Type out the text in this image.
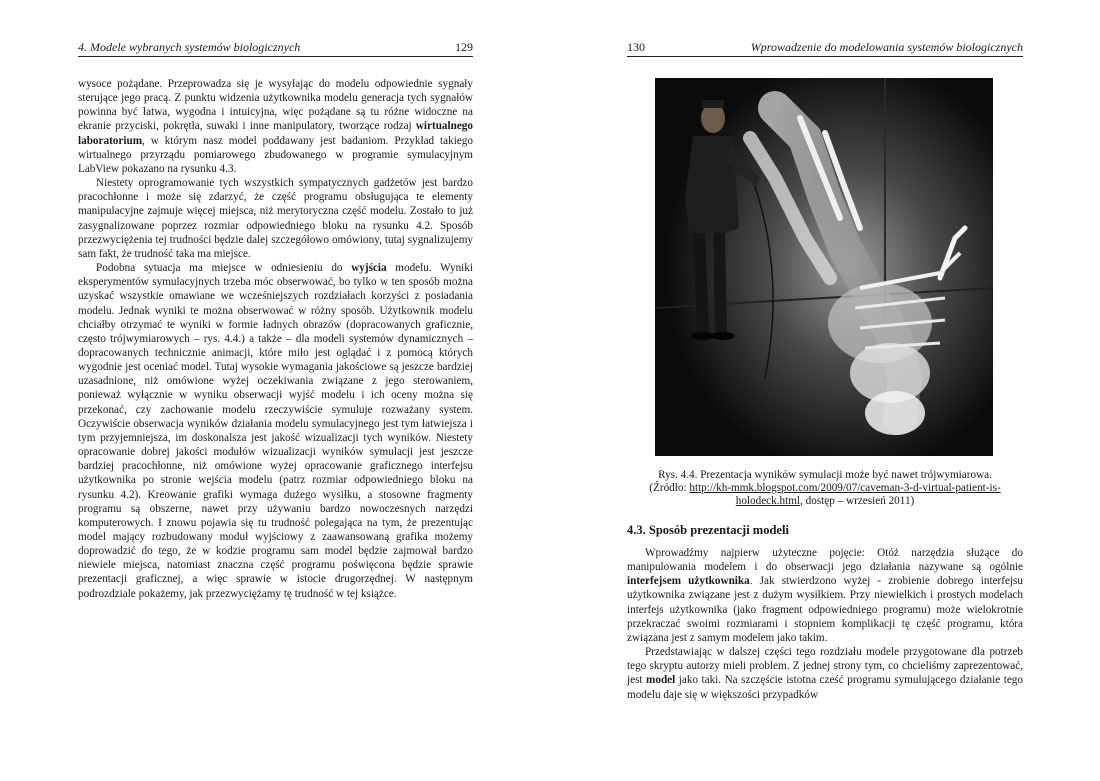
4. Modele wybranych systemów biologicznych	129

wysoce pożądane. Przeprowadza się je wysyłając do modelu odpowiednie sygnały sterujące jego pracą. Z punktu widzenia użytkownika modelu generacja tych sygnałów powinna być łatwa, wygodna i intuicyjna, więc pożądane są tu różne widoczne na ekranie przyciski, pokrętła, suwaki i inne manipulatory, tworzące rodzaj wirtualnego laboratorium, w którym nasz model poddawany jest badaniom. Przykład takiego wirtualnego przyrządu pomiarowego zbudowanego w programie symulacyjnym LabView pokazano na rysunku 4.3.

Niestety oprogramowanie tych wszystkich sympatycznych gadżetów jest bardzo pracochłonne i może się zdarzyć, że część programu obsługująca te elementy manipulacyjne zajmuje więcej miejsca, niż merytoryczna część modelu. Zostało to już zasygnalizowane poprzez rozmiar odpowiedniego bloku na rysunku 4.2. Sposób przezwyciężenia tej trudności będzie dalej szczegółowo omówiony, tutaj sygnalizujemy sam fakt, że trudność taka ma miejsce.

Podobna sytuacja ma miejsce w odniesieniu do wyjścia modelu. Wyniki eksperymentów symulacyjnych trzeba móc obserwować, bo tylko w ten sposób można uzyskać wszystkie omawiane we wcześniejszych rozdziałach korzyści z posiadania modelu. Jednak wyniki te można obserwować w różny sposób. Użytkownik modelu chciałby otrzymać te wyniki w formie ładnych obrazów (dopracowanych graficznie, często trójwymiarowych – rys. 4.4.) a także – dla modeli systemów dynamicznych – dopracowanych technicznie animacji, które miło jest oglądać i z pomocą których wygodnie jest oceniać model. Tutaj wysokie wymagania jakościowe są jeszcze bardziej uzasadnione, niż omówione wyżej oczekiwania związane z jego sterowaniem, ponieważ wyłącznie w wyniku obserwacji wyjść modelu i ich oceny można się przekonać, czy zachowanie modelu rzeczywiście symuluje rozważany system. Oczywiście obserwacja wyników działania modelu symulacyjnego jest tym łatwiejsza i tym przyjemniejsza, im doskonalsza jest jakość wizualizacji tych wyników. Niestety opracowanie dobrej jakości modułów wizualizacji wyników symulacji jest jeszcze bardziej pracochłonne, niż omówione wyżej opracowanie graficznego interfejsu użytkownika po stronie wejścia modelu (patrz rozmiar odpowiedniego bloku na rysunku 4.2). Kreowanie grafiki wymaga dużego wysiłku, a stosowne fragmenty programu są obszerne, nawet przy używaniu bardzo nowoczesnych narzędzi komputerowych. I znowu pojawia się tu trudność polegająca na tym, że prezentując model mający rozbudowany moduł wyjściowy z zaawansowaną grafika możemy doprowadzić do tego, że w kodzie programu sam model będzie zajmował bardzo niewiele miejsca, natomiast znaczna część programu poświęcona będzie sprawie prezentacji graficznej, a więc sprawie w istocie drugorzędnej. W następnym podrozdziale pokażemy, jak przezwyciężamy tę trudność w tej książce.

130	Wprowadzenie do modelowania systemów biologicznych
Rys. 4.4. Prezentacja wyników symulacji może być nawet trójwymiarowa.
(Źródło: http://kh-mmk.blogspot.com/2009/07/caveman-3-d-virtual-patient-is-holodeck.html, dostęp – wrzesień 2011)
4.3. Sposób prezentacji modeli

Wprowadźmy najpierw użyteczne pojęcie: Otóż narzędzia służące do manipulowania modelem i do obserwacji jego działania nazywane są ogólnie interfejsem użytkownika. Jak stwierdzono wyżej - zrobienie dobrego interfejsu użytkownika związane jest z dużym wysiłkiem. Przy niewielkich i prostych modelach interfejs użytkownika (jako fragment odpowiedniego programu) może wielokrotnie przekraczać swoimi rozmiarami i stopniem komplikacji tę część programu, która związana jest z samym modelem jako takim.

Przedstawiając w dalszej części tego rozdziału modele przygotowane dla potrzeb tego skryptu autorzy mieli problem. Z jednej strony tym, co chcieliśmy zaprezentować, jest model jako taki. Na szczęście istotna cześć programu symulującego działanie tego modelu daje się w większości przypadków
